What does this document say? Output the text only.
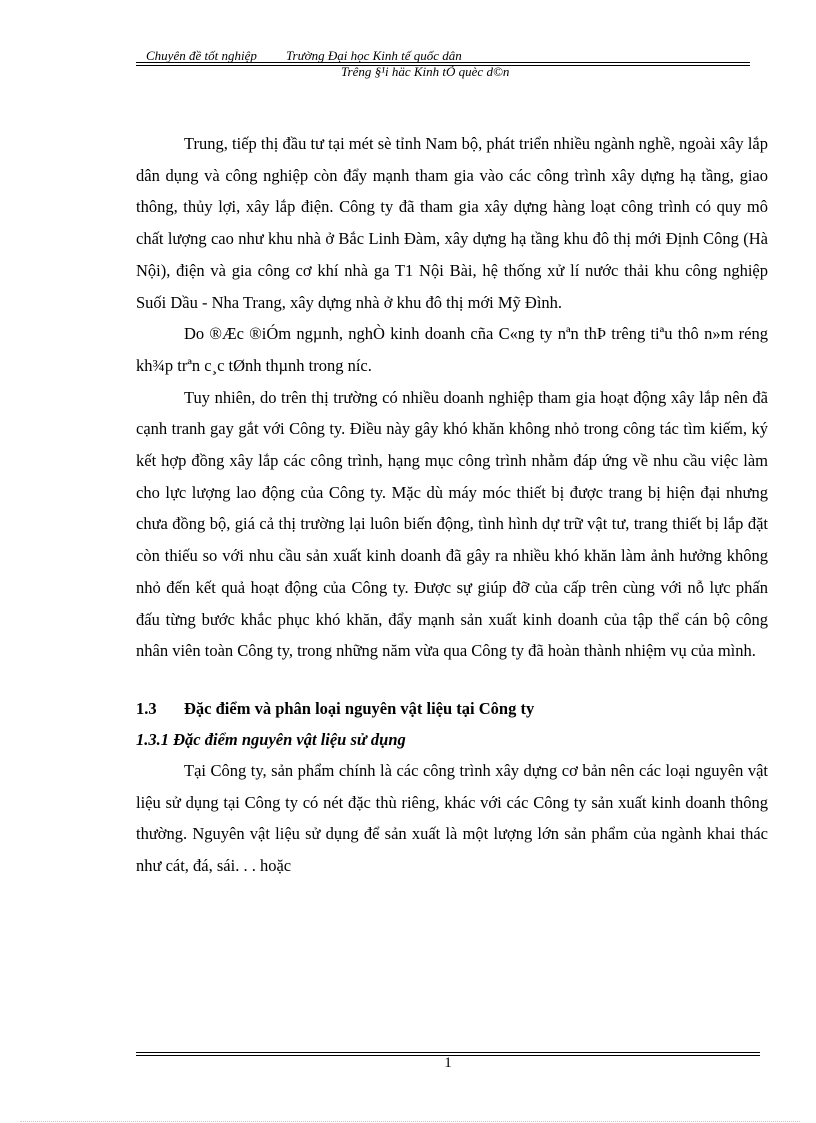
Chuyên đề tốt nghiệp Trường Đại học Kinh tế quốc dân
Trêng §¹i häc Kinh tÕ quèc d©n

Trung, tiếp thị đầu tư tại mét sè tỉnh Nam bộ, phát triển nhiều ngành nghề, ngoài xây lắp dân dụng và công nghiệp còn đẩy mạnh tham gia vào các công trình xây dựng hạ tầng, giao thông, thủy lợi, xây lắp điện. Công ty đã tham gia xây dựng hàng loạt công trình có quy mô chất lượng cao như khu nhà ở Bắc Linh Đàm, xây dựng hạ tầng khu đô thị mới Định Công (Hà Nội), điện và gia công cơ khí nhà ga T1 Nội Bài, hệ thống xử lí nước thải khu công nghiệp Suối Dầu - Nha Trang, xây dựng nhà ở khu đô thị mới Mỹ Đình.

Do ®Æc ®iÓm ngµnh, nghÒ kinh doanh cña C«ng ty nªn thÞ trêng tiªu thô n»m réng kh¾p trªn c¸c tØnh thµnh trong níc.

Tuy nhiên, do trên thị trường có nhiều doanh nghiệp tham gia hoạt động xây lắp nên đã cạnh tranh gay gắt với Công ty. Điều này gây khó khăn không nhỏ trong công tác tìm kiếm, ký kết hợp đồng xây lắp các công trình, hạng mục công trình nhằm đáp ứng về nhu cầu việc làm cho lực lượng lao động của Công ty. Mặc dù máy móc thiết bị được trang bị hiện đại nhưng chưa đồng bộ, giá cả thị trường lại luôn biến động, tình hình dự trữ vật tư, trang thiết bị lắp đặt còn thiếu so với nhu cầu sản xuất kinh doanh đã gây ra nhiều khó khăn làm ảnh hưởng không nhỏ đến kết quả hoạt động của Công ty. Được sự giúp đỡ của cấp trên cùng với nỗ lực phấn đấu từng bước khắc phục khó khăn, đẩy mạnh sản xuất kinh doanh của tập thể cán bộ công nhân viên toàn Công ty, trong những năm vừa qua Công ty đã hoàn thành nhiệm vụ của mình.

1.3 Đặc điểm và phân loại nguyên vật liệu tại Công ty
1.3.1 Đặc điểm nguyên vật liệu sử dụng

Tại Công ty, sản phẩm chính là các công trình xây dựng cơ bản nên các loại nguyên vật liệu sử dụng tại Công ty có nét đặc thù riêng, khác với các Công ty sản xuất kinh doanh thông thường. Nguyên vật liệu sử dụng để sản xuất là một lượng lớn sản phẩm của ngành khai thác như cát, đá, sái. . . hoặc

1
